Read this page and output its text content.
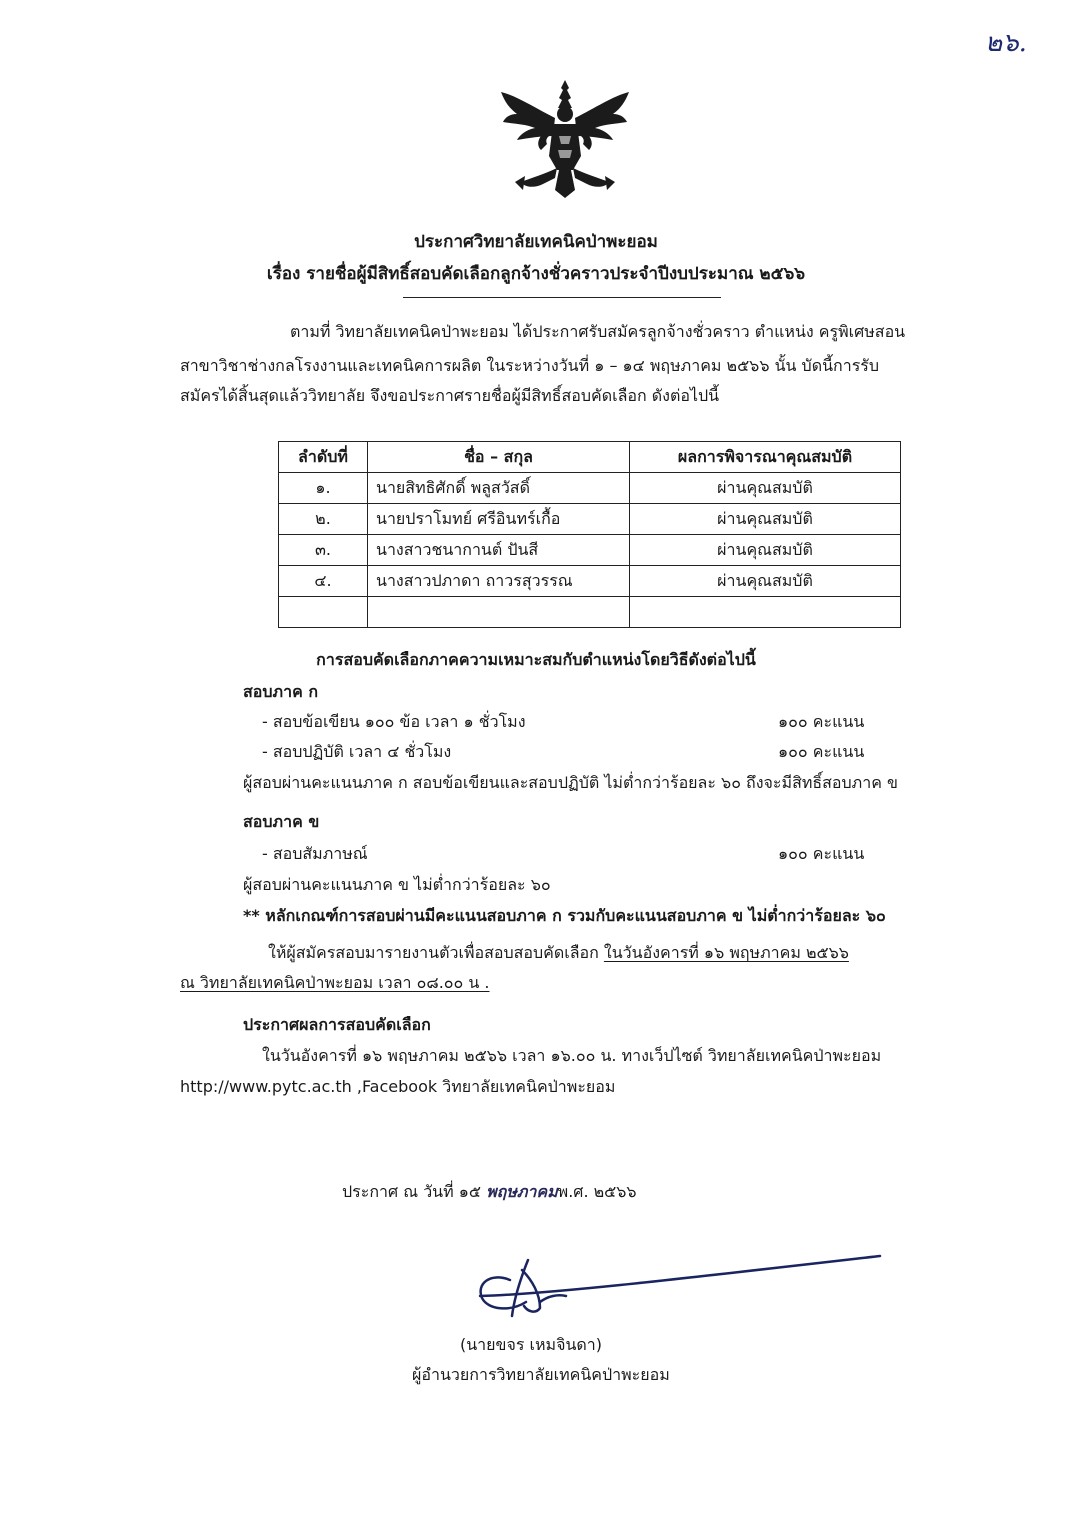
๒๖.
ประกาศวิทยาลัยเทคนิคป่าพะยอม
เรื่อง รายชื่อผู้มีสิทธิ์สอบคัดเลือกลูกจ้างชั่วคราวประจำปีงบประมาณ ๒๕๖๖
ตามที่ วิทยาลัยเทคนิคป่าพะยอม ได้ประกาศรับสมัครลูกจ้างชั่วคราว ตำแหน่ง ครูพิเศษสอน
สาขาวิชาช่างกลโรงงานและเทคนิคการผลิต ในระหว่างวันที่ ๑ – ๑๔ พฤษภาคม ๒๕๖๖ นั้น บัดนี้การรับ
สมัครได้สิ้นสุดแล้ววิทยาลัย จึงขอประกาศรายชื่อผู้มีสิทธิ์สอบคัดเลือก ดังต่อไปนี้
ลำดับที่	ชื่อ – สกุล	ผลการพิจารณาคุณสมบัติ
๑.	นายสิทธิศักดิ์ พลูสวัสดิ์	ผ่านคุณสมบัติ
๒.	นายปราโมทย์ ศรีอินทร์เกื้อ	ผ่านคุณสมบัติ
๓.	นางสาวชนากานต์ ปันสี	ผ่านคุณสมบัติ
๔.	นางสาวปภาดา ถาวรสุวรรณ	ผ่านคุณสมบัติ

การสอบคัดเลือกภาคความเหมาะสมกับตำแหน่งโดยวิธีดังต่อไปนี้
สอบภาค ก
- สอบข้อเขียน ๑๐๐ ข้อ เวลา ๑ ชั่วโมง	๑๐๐ คะแนน
- สอบปฏิบัติ เวลา ๔ ชั่วโมง	๑๐๐ คะแนน
ผู้สอบผ่านคะแนนภาค ก สอบข้อเขียนและสอบปฏิบัติ ไม่ต่ำกว่าร้อยละ ๖๐ ถึงจะมีสิทธิ์สอบภาค ข
สอบภาค ข
- สอบสัมภาษณ์	๑๐๐ คะแนน
ผู้สอบผ่านคะแนนภาค ข ไม่ต่ำกว่าร้อยละ ๖๐
** หลักเกณฑ์การสอบผ่านมีคะแนนสอบภาค ก รวมกับคะแนนสอบภาค ข ไม่ต่ำกว่าร้อยละ ๖๐
ให้ผู้สมัครสอบมารายงานตัวเพื่อสอบสอบคัดเลือก ในวันอังคารที่ ๑๖ พฤษภาคม ๒๕๖๖
ณ วิทยาลัยเทคนิคป่าพะยอม เวลา ๐๘.๐๐ น .
ประกาศผลการสอบคัดเลือก
ในวันอังคารที่ ๑๖ พฤษภาคม ๒๕๖๖ เวลา ๑๖.๐๐ น. ทางเว็ปไซต์ วิทยาลัยเทคนิคป่าพะยอม
http://www.pytc.ac.th ,Facebook วิทยาลัยเทคนิคป่าพะยอม
ประกาศ ณ วันที่ ๑๕ พฤษภาคมพ.ศ. ๒๕๖๖
(นายขจร เหมจินดา)
ผู้อำนวยการวิทยาลัยเทคนิคป่าพะยอม
